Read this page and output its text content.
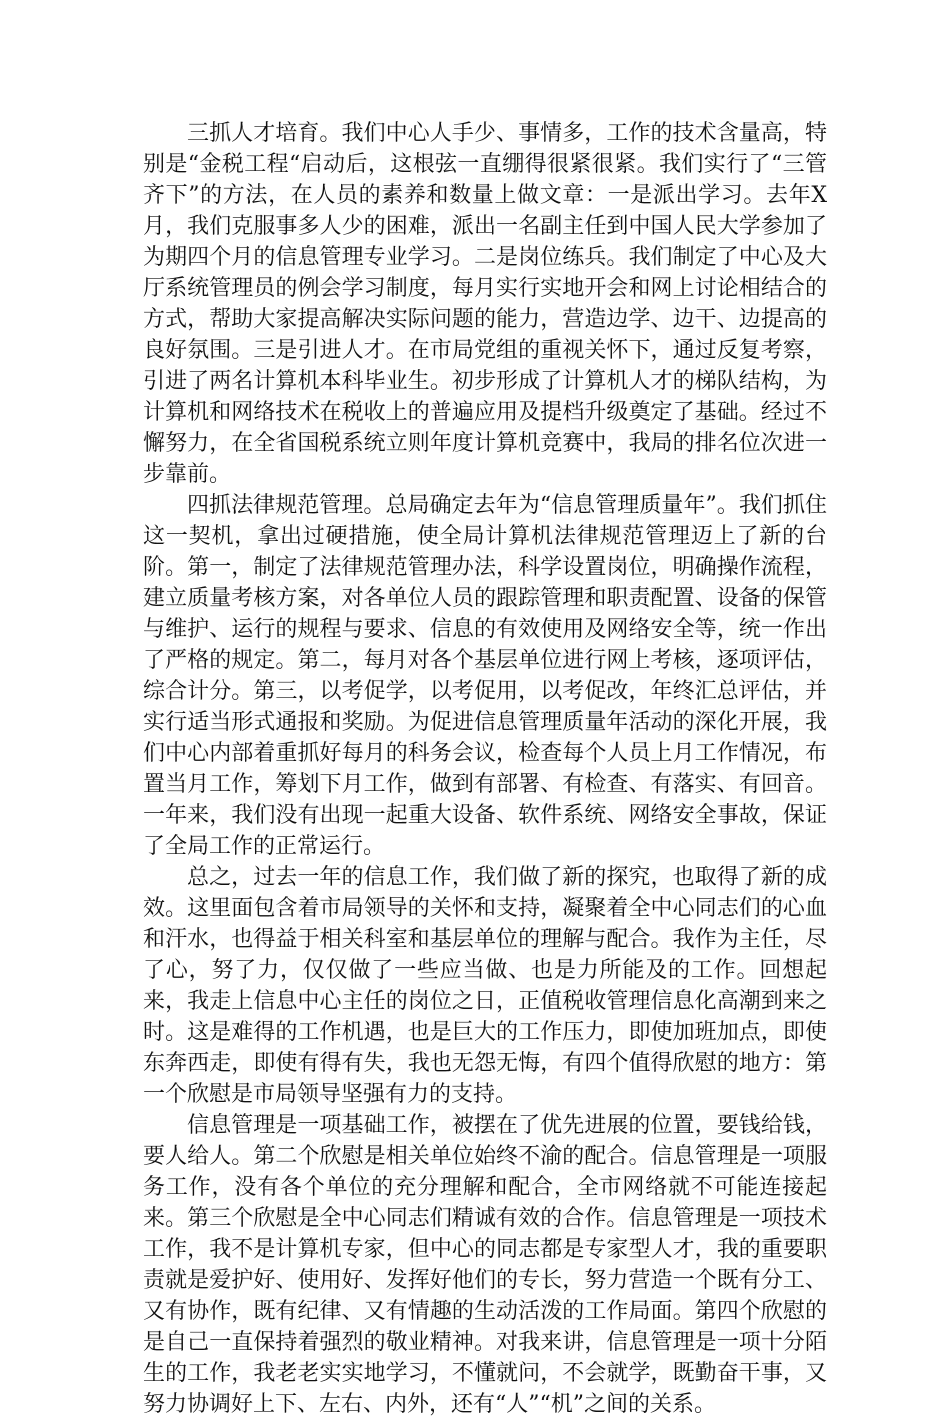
三抓人才培育。我们中心人手少、事情多，工作的技术含量高，特别是“金税工程“启动后，这根弦一直绷得很紧很紧。我们实行了“三管齐下”的方法，在人员的素养和数量上做文章：一是派出学习。去年X月，我们克服事多人少的困难，派出一名副主任到中国人民大学参加了为期四个月的信息管理专业学习。二是岗位练兵。我们制定了中心及大厅系统管理员的例会学习制度，每月实行实地开会和网上讨论相结合的方式，帮助大家提高解决实际问题的能力，营造边学、边干、边提高的良好氛围。三是引进人才。在市局党组的重视关怀下，通过反复考察，引进了两名计算机本科毕业生。初步形成了计算机人才的梯队结构，为计算机和网络技术在税收上的普遍应用及提档升级奠定了基础。经过不懈努力，在全省国税系统立则年度计算机竞赛中，我局的排名位次进一步靠前。

四抓法律规范管理。总局确定去年为“信息管理质量年”。我们抓住这一契机，拿出过硬措施，使全局计算机法律规范管理迈上了新的台阶。第一，制定了法律规范管理办法，科学设置岗位，明确操作流程，建立质量考核方案，对各单位人员的跟踪管理和职责配置、设备的保管与维护、运行的规程与要求、信息的有效使用及网络安全等，统一作出了严格的规定。第二，每月对各个基层单位进行网上考核，逐项评估，综合计分。第三，以考促学，以考促用，以考促改，年终汇总评估，并实行适当形式通报和奖励。为促进信息管理质量年活动的深化开展，我们中心内部着重抓好每月的科务会议，检查每个人员上月工作情况，布置当月工作，筹划下月工作，做到有部署、有检查、有落实、有回音。一年来，我们没有出现一起重大设备、软件系统、网络安全事故，保证了全局工作的正常运行。

总之，过去一年的信息工作，我们做了新的探究，也取得了新的成效。这里面包含着市局领导的关怀和支持，凝聚着全中心同志们的心血和汗水，也得益于相关科室和基层单位的理解与配合。我作为主任，尽了心，努了力，仅仅做了一些应当做、也是力所能及的工作。回想起来，我走上信息中心主任的岗位之日，正值税收管理信息化高潮到来之时。这是难得的工作机遇，也是巨大的工作压力，即使加班加点，即使东奔西走，即使有得有失，我也无怨无悔，有四个值得欣慰的地方：第一个欣慰是市局领导坚强有力的支持。

信息管理是一项基础工作，被摆在了优先进展的位置，要钱给钱，要人给人。第二个欣慰是相关单位始终不渝的配合。信息管理是一项服务工作，没有各个单位的充分理解和配合，全市网络就不可能连接起来。第三个欣慰是全中心同志们精诚有效的合作。信息管理是一项技术工作，我不是计算机专家，但中心的同志都是专家型人才，我的重要职责就是爱护好、使用好、发挥好他们的专长，努力营造一个既有分工、又有协作，既有纪律、又有情趣的生动活泼的工作局面。第四个欣慰的是自己一直保持着强烈的敬业精神。对我来讲，信息管理是一项十分陌生的工作，我老老实实地学习，不懂就问，不会就学，既勤奋干事，又努力协调好上下、左右、内外，还有“人”“机”之间的关系。
